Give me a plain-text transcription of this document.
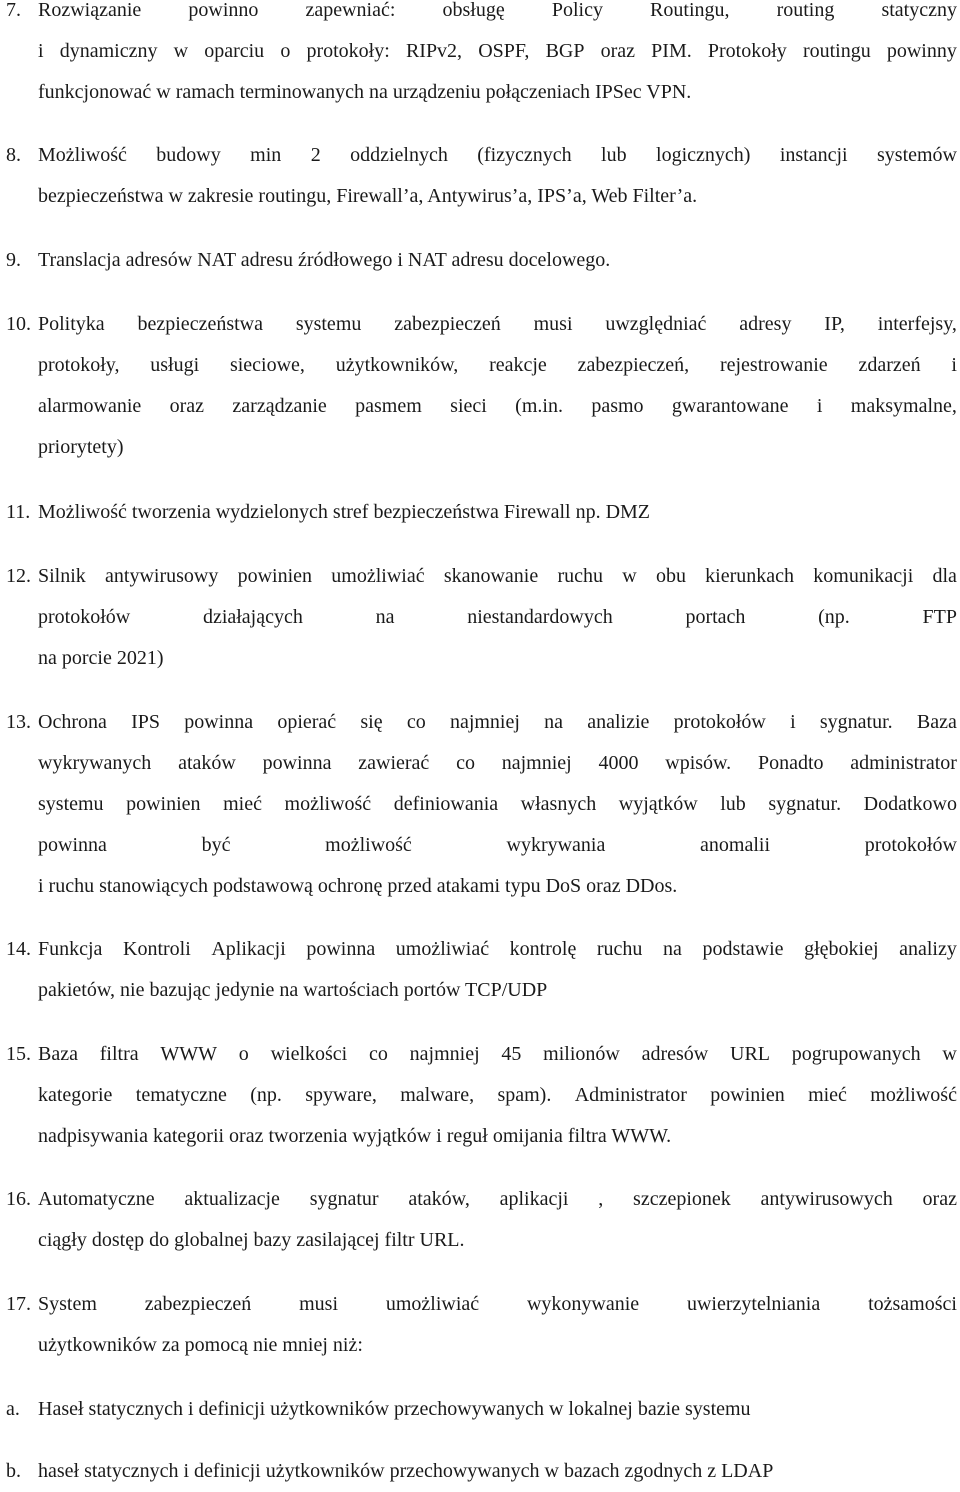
7. Rozwiązanie powinno zapewniać: obsługę Policy Routingu, routing statyczny
i dynamiczny w oparciu o protokoły: RIPv2, OSPF, BGP oraz PIM. Protokoły routingu powinny
funkcjonować w ramach terminowanych na urządzeniu połączeniach IPSec VPN.
8. Możliwość budowy min 2 oddzielnych (fizycznych lub logicznych) instancji systemów
bezpieczeństwa w zakresie routingu, Firewall’a, Antywirus’a, IPS’a, Web Filter’a.
9. Translacja adresów NAT adresu źródłowego i NAT adresu docelowego.
10. Polityka bezpieczeństwa systemu zabezpieczeń musi uwzględniać adresy IP, interfejsy,
protokoły, usługi sieciowe, użytkowników, reakcje zabezpieczeń, rejestrowanie zdarzeń i
alarmowanie oraz zarządzanie pasmem sieci (m.in. pasmo gwarantowane i maksymalne,
priorytety)
11. Możliwość tworzenia wydzielonych stref bezpieczeństwa Firewall np. DMZ
12. Silnik antywirusowy powinien umożliwiać skanowanie ruchu w obu kierunkach komunikacji dla
protokołów	działających	na	niestandardowych	portach	(np.	FTP
na porcie 2021)
13. Ochrona IPS powinna opierać się co najmniej na analizie protokołów i sygnatur. Baza
wykrywanych ataków powinna zawierać co najmniej 4000 wpisów. Ponadto administrator
systemu powinien mieć możliwość definiowania własnych wyjątków lub sygnatur. Dodatkowo
powinna	być	możliwość	wykrywania	anomalii	protokołów
i ruchu stanowiących podstawową ochronę przed atakami typu DoS oraz DDos.
14. Funkcja Kontroli Aplikacji powinna umożliwiać kontrolę ruchu na podstawie głębokiej analizy
pakietów, nie bazując jedynie na wartościach portów TCP/UDP
15. Baza filtra WWW o wielkości co najmniej 45 milionów adresów URL pogrupowanych w
kategorie tematyczne (np. spyware, malware, spam). Administrator powinien mieć możliwość
nadpisywania kategorii oraz tworzenia wyjątków i reguł omijania filtra WWW.
16. Automatyczne aktualizacje sygnatur ataków, aplikacji , szczepionek antywirusowych oraz
ciągły dostęp do globalnej bazy zasilającej filtr URL.
17. System zabezpieczeń musi umożliwiać wykonywanie uwierzytelniania tożsamości
użytkowników za pomocą nie mniej niż:
a. Haseł statycznych i definicji użytkowników przechowywanych w lokalnej bazie systemu
b. haseł statycznych i definicji użytkowników przechowywanych w bazach zgodnych z LDAP
